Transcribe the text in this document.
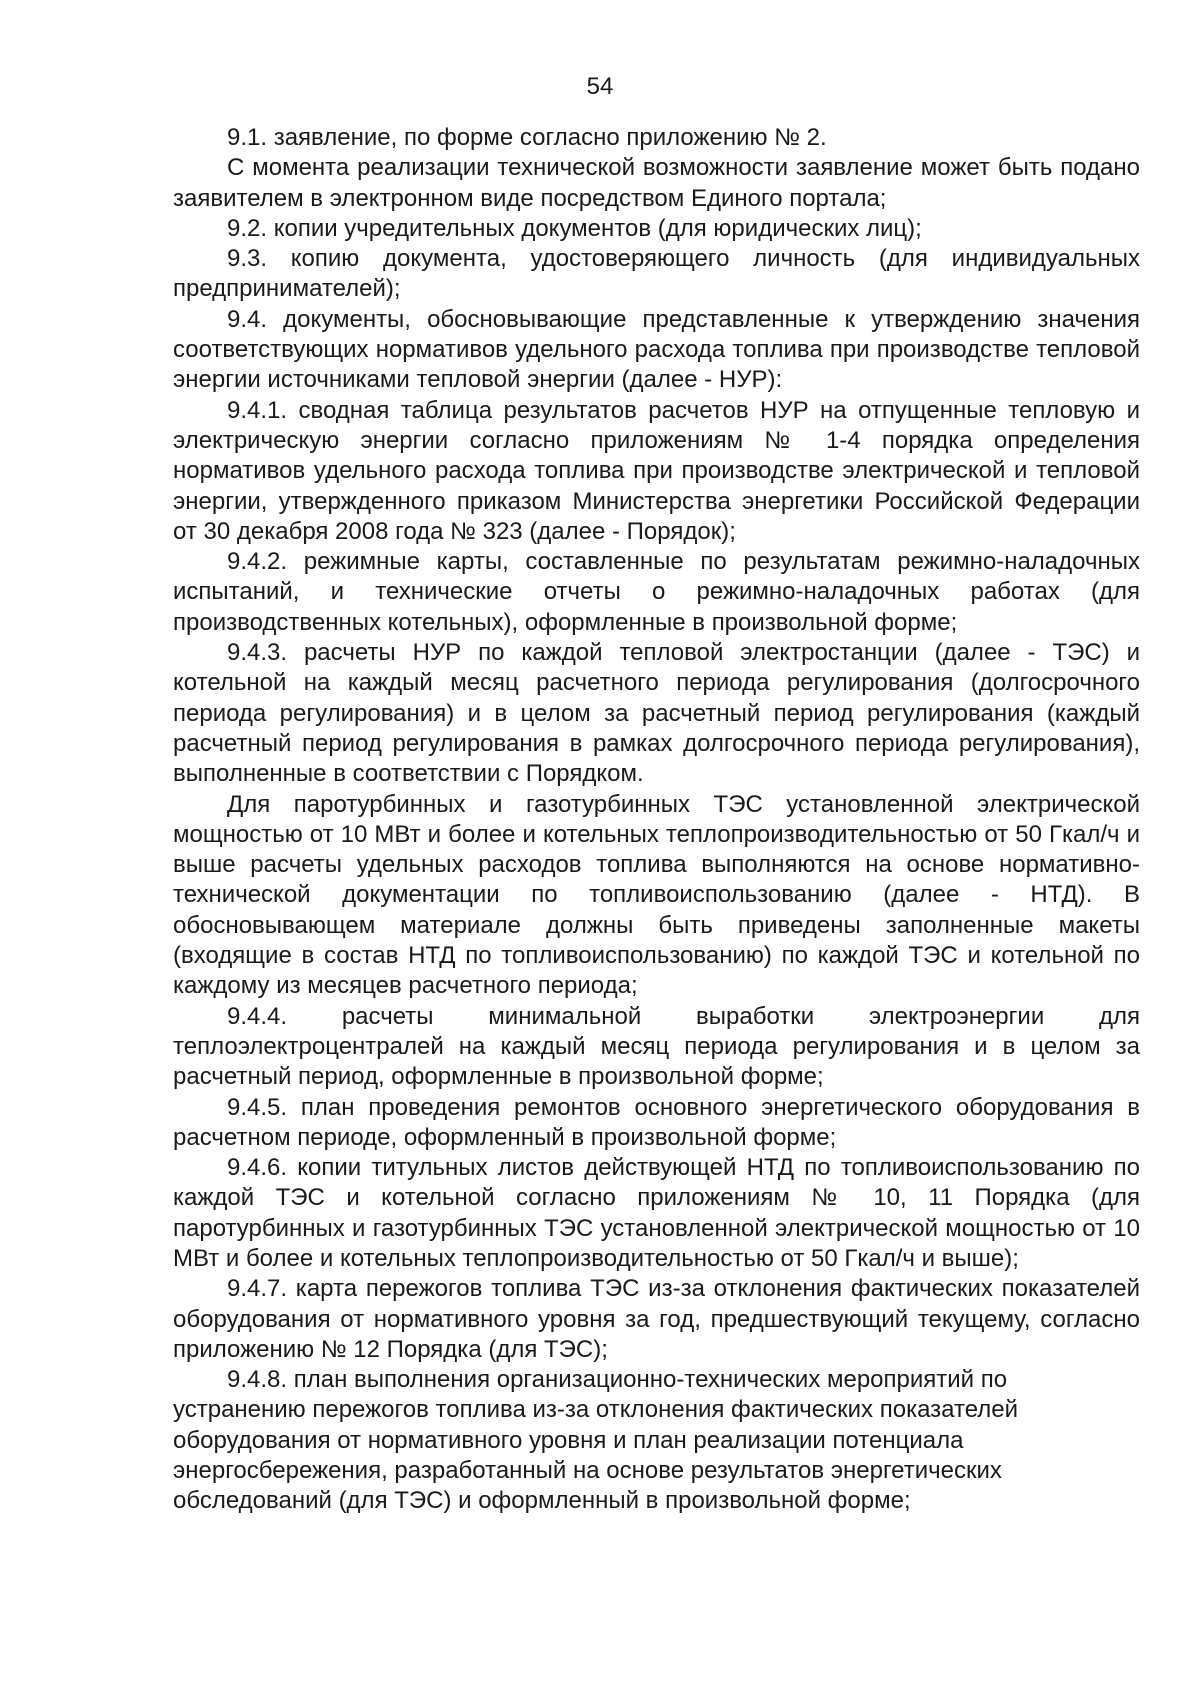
54

9.1. заявление, по форме согласно приложению № 2.

С момента реализации технической возможности заявление может быть подано заявителем в электронном виде посредством Единого портала;

9.2. копии учредительных документов (для юридических лиц);

9.3. копию документа, удостоверяющего личность (для индивидуальных предпринимателей);

9.4. документы, обосновывающие представленные к утверждению значения соответствующих нормативов удельного расхода топлива при производстве тепловой энергии источниками тепловой энергии (далее - НУР):

9.4.1. сводная таблица результатов расчетов НУР на отпущенные тепловую и электрическую энергии согласно приложениям № 1-4 порядка определения нормативов удельного расхода топлива при производстве электрической и тепловой энергии, утвержденного приказом Министерства энергетики Российской Федерации от 30 декабря 2008 года № 323 (далее - Порядок);

9.4.2. режимные карты, составленные по результатам режимно-наладочных испытаний, и технические отчеты о режимно-наладочных работах (для производственных котельных), оформленные в произвольной форме;

9.4.3. расчеты НУР по каждой тепловой электростанции (далее - ТЭС) и котельной на каждый месяц расчетного периода регулирования (долгосрочного периода регулирования) и в целом за расчетный период регулирования (каждый расчетный период регулирования в рамках долгосрочного периода регулирования), выполненные в соответствии с Порядком.

Для паротурбинных и газотурбинных ТЭС установленной электрической мощностью от 10 МВт и более и котельных теплопроизводительностью от 50 Гкал/ч и выше расчеты удельных расходов топлива выполняются на основе нормативно-технической документации по топливоиспользованию (далее - НТД). В обосновывающем материале должны быть приведены заполненные макеты (входящие в состав НТД по топливоиспользованию) по каждой ТЭС и котельной по каждому из месяцев расчетного периода;

9.4.4. расчеты минимальной выработки электроэнергии для теплоэлектроцентралей на каждый месяц периода регулирования и в целом за расчетный период, оформленные в произвольной форме;

9.4.5. план проведения ремонтов основного энергетического оборудования в расчетном периоде, оформленный в произвольной форме;

9.4.6. копии титульных листов действующей НТД по топливоиспользованию по каждой ТЭС и котельной согласно приложениям № 10, 11 Порядка (для паротурбинных и газотурбинных ТЭС установленной электрической мощностью от 10 МВт и более и котельных теплопроизводительностью от 50 Гкал/ч и выше);

9.4.7. карта пережогов топлива ТЭС из-за отклонения фактических показателей оборудования от нормативного уровня за год, предшествующий текущему, согласно приложению № 12 Порядка (для ТЭС);

9.4.8. план выполнения организационно-технических мероприятий по устранению пережогов топлива из-за отклонения фактических показателей оборудования от нормативного уровня и план реализации потенциала энергосбережения, разработанный на основе результатов энергетических обследований (для ТЭС) и оформленный в произвольной форме;
